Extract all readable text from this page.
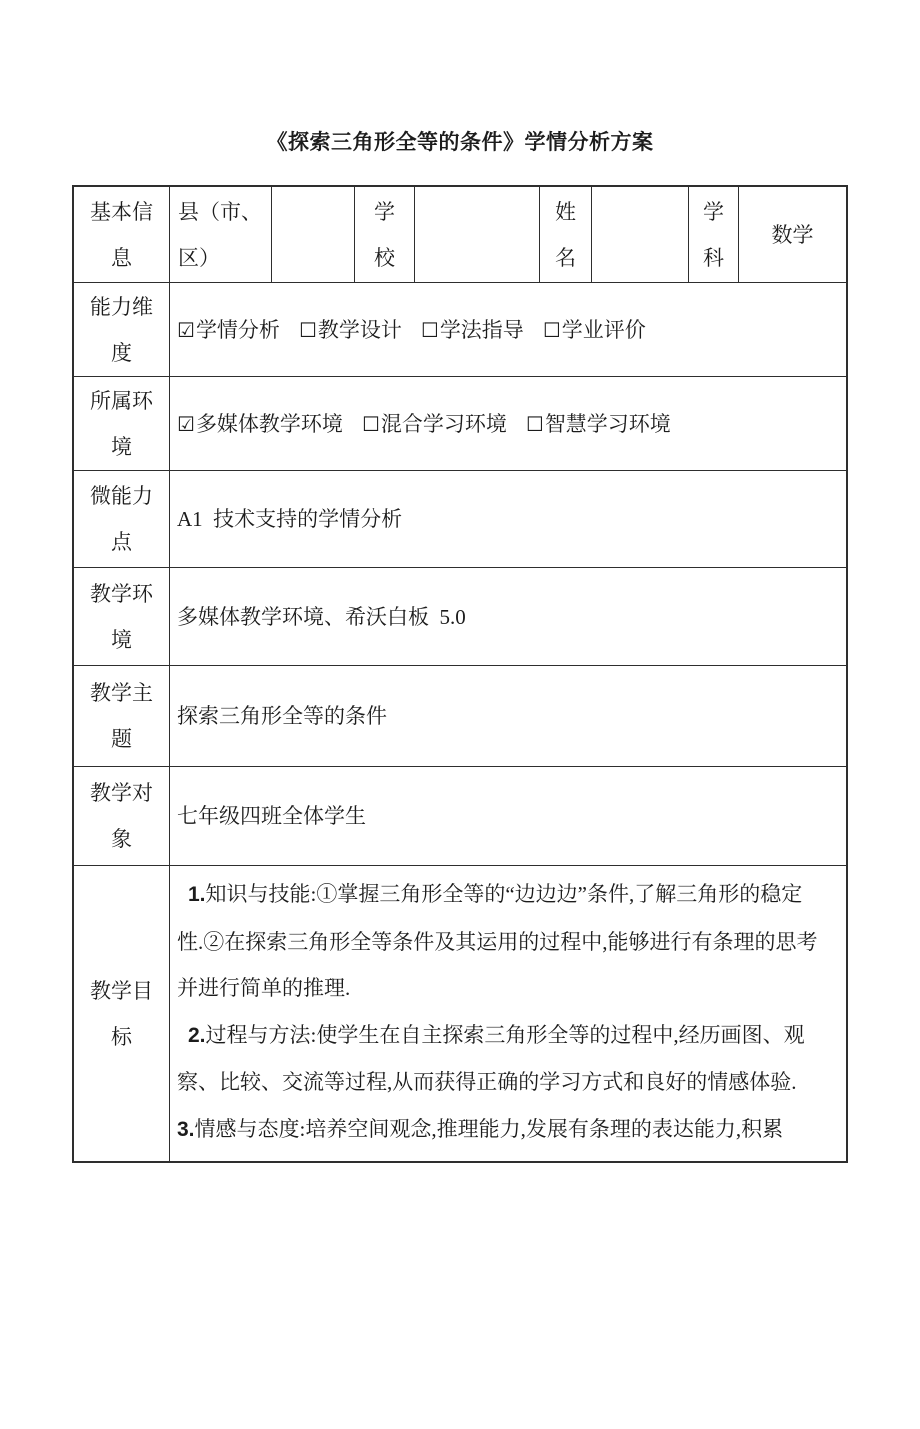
《探索三角形全等的条件》学情分析方案
基本信息
县（市、区）
学校
姓名
学科
数学
能力维度
☑ 学情分析 ☐ 教学设计 ☐ 学法指导 ☐ 学业评价
所属环境
☑ 多媒体教学环境 ☐ 混合学习环境 ☐ 智慧学习环境
微能力点
A1  技术支持的学情分析
教学环境
多媒体教学环境、希沃白板  5.0
教学主题
探索三角形全等的条件
教学对象
七年级四班全体学生
教学目标

1.知识与技能:①掌握三角形全等的“边边边”条件,了解三角形的稳定性.②在探索三角形全等条件及其运用的过程中,能够进行有条理的思考并进行简单的推理.

2.过程与方法:使学生在自主探索三角形全等的过程中,经历画图、观察、比较、交流等过程,从而获得正确的学习方式和良好的情感体验.

3.情感与态度:培养空间观念,推理能力,发展有条理的表达能力,积累
